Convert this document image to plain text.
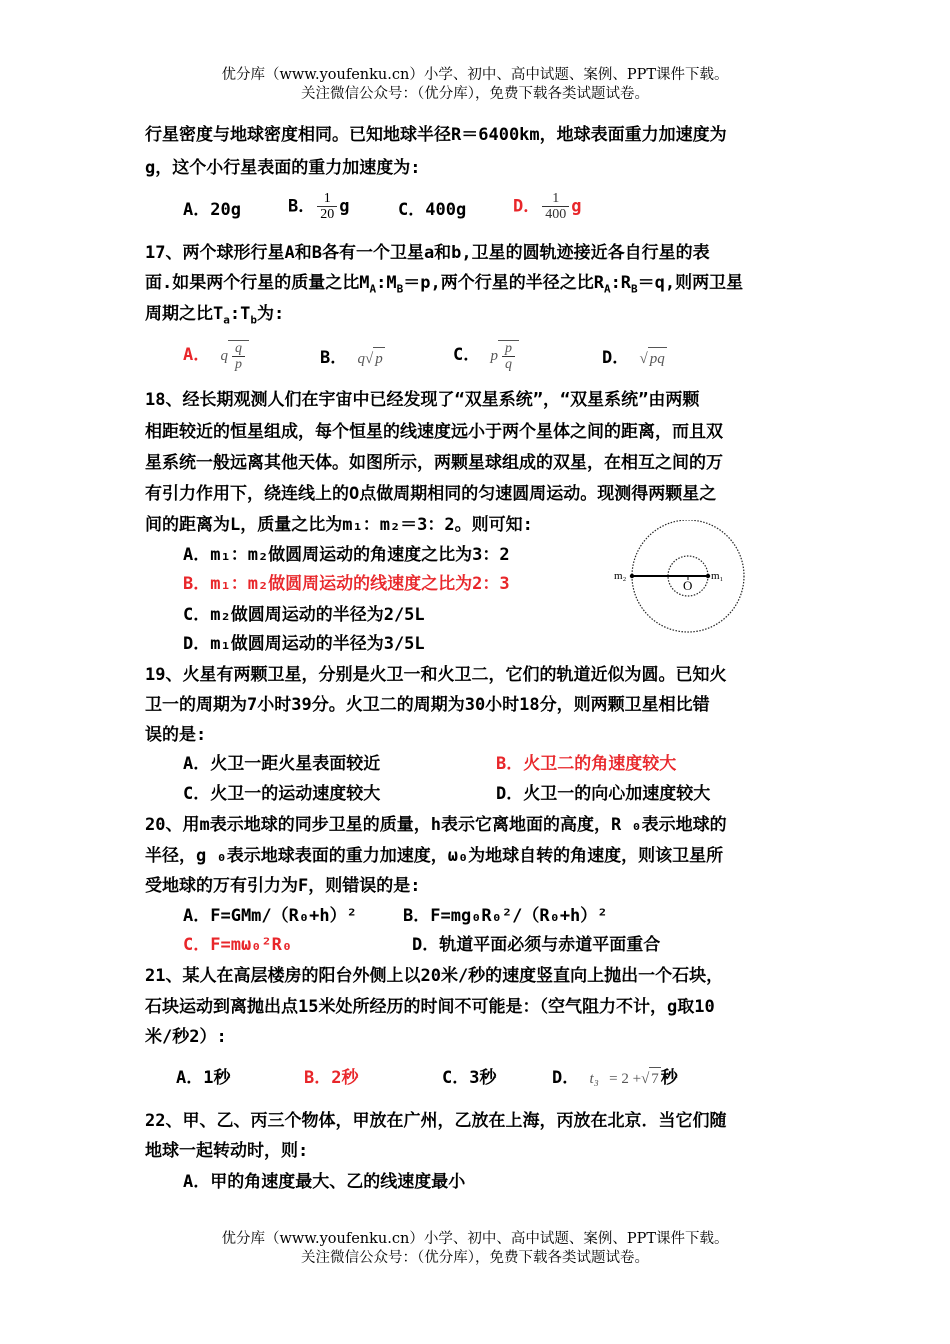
优分库（www.youfenku.cn）小学、初中、高中试题、案例、PPT课件下载。
关注微信公众号：（优分库），免费下载各类试题试卷。
行星密度与地球密度相同。已知地球半径R＝6400km，地球表面重力加速度为
g，这个小行星表面的重力加速度为:
A．20g	B． $\frac{1}{20}$ g	C．400g	D． $\frac{1}{400}$ g
17、两个球形行星A和B各有一个卫星a和b,卫星的圆轨迹接近各自行星的表
面.如果两个行星的质量之比$M_A:M_B=p$,两个行星的半径之比$R_A:R_B=q$,则两卫星
周期之比$T_a:T_b$为:
A． q $\frac{q}{p}$	B． q√ p	C． p $\frac{p}{q}$	D． √ pq
18、经长期观测人们在宇宙中已经发现了“双星系统”，“双星系统”由两颗
相距较近的恒星组成，每个恒星的线速度远小于两个星体之间的距离，而且双
星系统一般远离其他天体。如图所示，两颗星球组成的双星，在相互之间的万
有引力作用下，绕连线上的O点做周期相同的匀速圆周运动。现测得两颗星之
间的距离为L，质量之比为m₁：m₂＝3：2。则可知:
A．m₁：m₂做圆周运动的角速度之比为3：2
B．m₁：m₂做圆周运动的线速度之比为2：3
C．m₂做圆周运动的半径为2/5L
D．m₁做圆周运动的半径为3/5L
m₂
O
m₁
19、火星有两颗卫星，分别是火卫一和火卫二，它们的轨道近似为圆。已知火
卫一的周期为7小时39分。火卫二的周期为30小时18分，则两颗卫星相比错
误的是:
A．火卫一距火星表面较近	B．火卫二的角速度较大
C．火卫一的运动速度较大	D．火卫一的向心加速度较大
20、用m表示地球的同步卫星的质量，h表示它离地面的高度，R ₀表示地球的
半径，g ₀表示地球表面的重力加速度，ω₀为地球自转的角速度，则该卫星所
受地球的万有引力为F，则错误的是:
A．F=GMm/（R₀+h）²	B．F=mg₀R₀²/（R₀+h）²
C．F=mω₀²R₀	D．轨道平面必须与赤道平面重合
21、某人在高层楼房的阳台外侧上以20米/秒的速度竖直向上抛出一个石块，
石块运动到离抛出点15米处所经历的时间不可能是：（空气阻力不计，g取10
米/秒2）:
A．1秒	B．2秒	C．3秒	D． t₃ = 2 +√ 7 秒
22、甲、乙、丙三个物体，甲放在广州，乙放在上海，丙放在北京．当它们随
地球一起转动时，则:
A．甲的角速度最大、乙的线速度最小
优分库（www.youfenku.cn）小学、初中、高中试题、案例、PPT课件下载。
关注微信公众号：（优分库），免费下载各类试题试卷。
